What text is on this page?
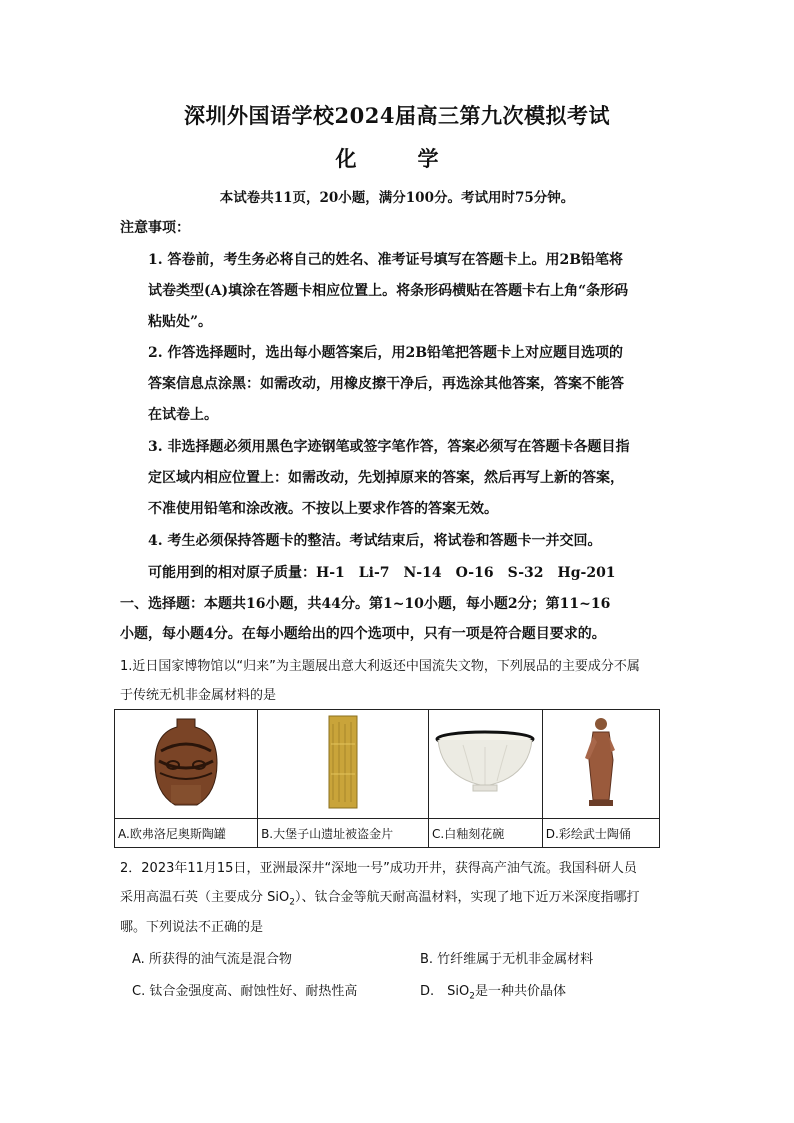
深圳外国语学校2024届高三第九次模拟考试
化　学
本试卷共11页，20小题，满分100分。考试用时75分钟。
注意事项：
1. 答卷前，考生务必将自己的姓名、准考证号填写在答题卡上。用2B铅笔将
试卷类型(A)填涂在答题卡相应位置上。将条形码横贴在答题卡右上角“条形码
粘贴处”。
2. 作答选择题时，选出每小题答案后，用2B铅笔把答题卡上对应题目选项的
答案信息点涂黑：如需改动，用橡皮擦干净后，再选涂其他答案，答案不能答
在试卷上。
3. 非选择题必须用黑色字迹钢笔或签字笔作答，答案必须写在答题卡各题目指
定区域内相应位置上：如需改动，先划掉原来的答案，然后再写上新的答案，
不准使用铅笔和涂改液。不按以上要求作答的答案无效。
4. 考生必须保持答题卡的整洁。考试结束后，将试卷和答题卡一并交回。
可能用到的相对原子质量：H-1　Li-7　N-14　O-16　S-32　Hg-201
一、选择题：本题共16小题，共44分。第1~10小题，每小题2分；第11~16
小题，每小题4分。在每小题给出的四个选项中，只有一项是符合题目要求的。
1.近日国家博物馆以“归来”为主题展出意大利返还中国流失文物，下列展品的主要成分不属
于传统无机非金属材料的是

A.欧弗洛尼奥斯陶罐	B.大堡子山遗址被盗金片	C.白釉刻花碗	D.彩绘武士陶俑
2．2023年11月15日，亚洲最深井“深地一号”成功开井，获得高产油气流。我国科研人员
采用高温石英（主要成分 SiO$_2$）、钛合金等航天耐高温材料，实现了地下近万米深度指哪打
哪。下列说法不正确的是
A. 所获得的油气流是混合物	B. 竹纤维属于无机非金属材料
C. 钛合金强度高、耐蚀性好、耐热性高	D.　SiO$_2$是一种共价晶体
